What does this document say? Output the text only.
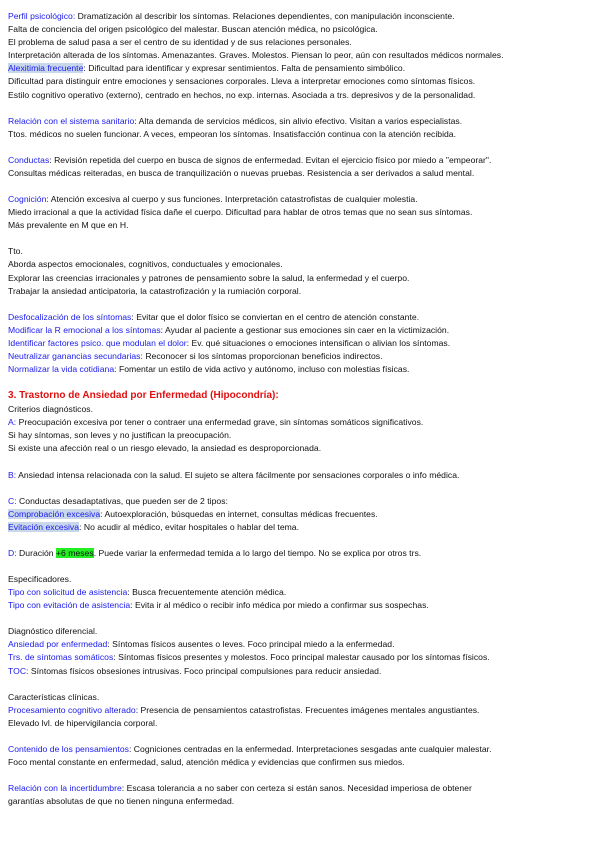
Perfil psicológico: Dramatización al describir los síntomas. Relaciones dependientes, con manipulación inconsciente.
Falta de conciencia del origen psicológico del malestar. Buscan atención médica, no psicológica.
El problema de salud pasa a ser el centro de su identidad y de sus relaciones personales.
Interpretación alterada de los síntomas. Amenazantes. Graves. Molestos. Piensan lo peor, aún con resultados médicos normales.
Alexitimia frecuente: Dificultad para identificar y expresar sentimientos. Falta de pensamiento simbólico.
Dificultad para distinguir entre emociones y sensaciones corporales. Lleva a interpretar emociones como síntomas físicos.
Estilo cognitivo operativo (externo), centrado en hechos, no exp. internas. Asociada a trs. depresivos y de la personalidad.
Relación con el sistema sanitario: Alta demanda de servicios médicos, sin alivio efectivo. Visitan a varios especialistas.
Ttos. médicos no suelen funcionar. A veces, empeoran los síntomas. Insatisfacción continua con la atención recibida.
Conductas: Revisión repetida del cuerpo en busca de signos de enfermedad. Evitan el ejercicio físico por miedo a "empeorar".
Consultas médicas reiteradas, en busca de tranquilización o nuevas pruebas. Resistencia a ser derivados a salud mental.
Cognición: Atención excesiva al cuerpo y sus funciones. Interpretación catastrofistas de cualquier molestia.
Miedo irracional a que la actividad física dañe el cuerpo. Dificultad para hablar de otros temas que no sean sus síntomas.
Más prevalente en M que en H.
Tto.
Aborda aspectos emocionales, cognitivos, conductuales y emocionales.
Explorar las creencias irracionales y patrones de pensamiento sobre la salud, la enfermedad y el cuerpo.
Trabajar la ansiedad anticipatoria, la catastrofización y la rumiación corporal.
Desfocalización de los síntomas: Evitar que el dolor físico se conviertan en el centro de atención constante.
Modificar la R emocional a los síntomas: Ayudar al paciente a gestionar sus emociones sin caer en la victimización.
Identificar factores psico. que modulan el dolor: Ev. qué situaciones o emociones intensifican o alivian los síntomas.
Neutralizar ganancias secundarias: Reconocer si los síntomas proporcionan beneficios indirectos.
Normalizar la vida cotidiana: Fomentar un estilo de vida activo y autónomo, incluso con molestias físicas.
3. Trastorno de Ansiedad por Enfermedad (Hipocondría):
Criterios diagnósticos.
A: Preocupación excesiva por tener o contraer una enfermedad grave, sin síntomas somáticos significativos.
Si hay síntomas, son leves y no justifican la preocupación.
Si existe una afección real o un riesgo elevado, la ansiedad es desproporcionada.
B: Ansiedad intensa relacionada con la salud. El sujeto se altera fácilmente por sensaciones corporales o info médica.
C: Conductas desadaptativas, que pueden ser de 2 tipos:
Comprobación excesiva: Autoexploración, búsquedas en internet, consultas médicas frecuentes.
Evitación excesiva: No acudir al médico, evitar hospitales o hablar del tema.
D: Duración +6 meses. Puede variar la enfermedad temida a lo largo del tiempo. No se explica por otros trs.
Especificadores.
Tipo con solicitud de asistencia: Busca frecuentemente atención médica.
Tipo con evitación de asistencia: Evita ir al médico o recibir info médica por miedo a confirmar sus sospechas.
Diagnóstico diferencial.
Ansiedad por enfermedad: Síntomas físicos ausentes o leves. Foco principal miedo a la enfermedad.
Trs. de síntomas somáticos: Síntomas físicos presentes y molestos. Foco principal malestar causado por los síntomas físicos.
TOC: Síntomas físicos obsesiones intrusivas. Foco principal compulsiones para reducir ansiedad.
Características clínicas.
Procesamiento cognitivo alterado: Presencia de pensamientos catastrofistas. Frecuentes imágenes mentales angustiantes.
Elevado lvl. de hipervigilancia corporal.
Contenido de los pensamientos: Cogniciones centradas en la enfermedad. Interpretaciones sesgadas ante cualquier malestar.
Foco mental constante en enfermedad, salud, atención médica y evidencias que confirmen sus miedos.
Relación con la incertidumbre: Escasa tolerancia a no saber con certeza si están sanos. Necesidad imperiosa de obtener
garantías absolutas de que no tienen ninguna enfermedad.
